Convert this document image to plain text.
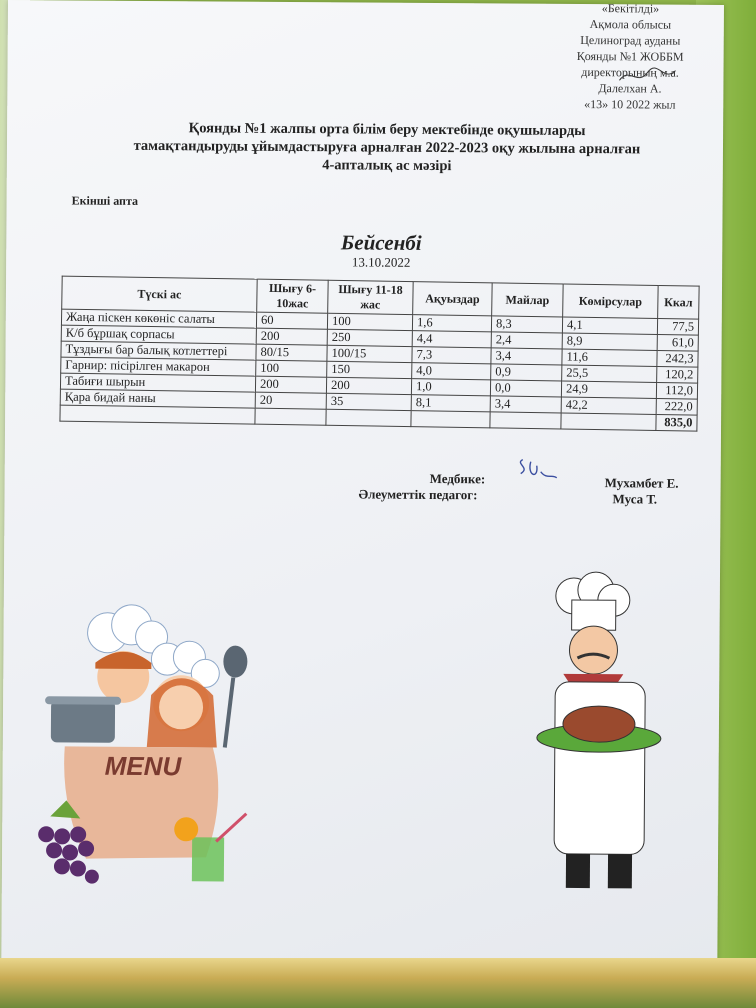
«Бекітілді»
Ақмола облысы
Целиноград ауданы
Қоянды №1 ЖОББМ
директорының м.а.
Далелхан А.
«13» 10 2022 жыл
Қоянды №1 жалпы орта білім беру мектебінде оқушыларды
тамақтандыруды ұйымдастыруға арналған 2022-2023 оқу жылына арналған
4-апталық ас мәзірі
Екінші апта
Бейсенбі
13.10.2022
Түскі ас	Шығу 6-10жас	Шығу 11-18 жас	Ақуыздар	Майлар	Көмірсулар	Ккал
Жаңа піскен көкөніс салаты	60	100	1,6	8,3	4,1	77,5
К/б бұршақ сорпасы	200	250	4,4	2,4	8,9	61,0
Тұздығы бар балық котлеттері	80/15	100/15	7,3	3,4	11,6	242,3
Гарнир: пісірілген макарон	100	150	4,0	0,9	25,5	120,2
Табиғи шырын	200	200	1,0	0,0	24,9	112,0
Қара бидай наны	20	35	8,1	3,4	42,2	222,0
						835,0
Медбике:	Мухамбет Е.
Әлеуметтік педагог:	Муса Т.
MENU
